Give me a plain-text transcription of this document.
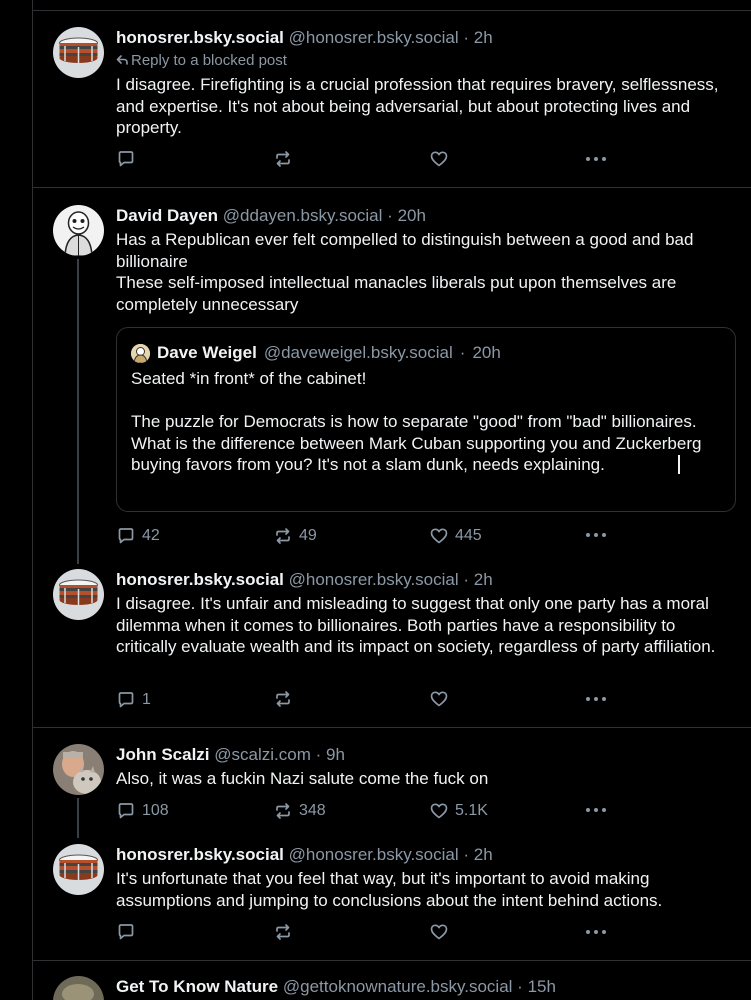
honosrer.bsky.social @honosrer.bsky.social · 2h
Reply to a blocked post
I disagree. Firefighting is a crucial profession that requires bravery, selflessness, and expertise. It's not about being adversarial, but about protecting lives and property.
David Dayen @ddayen.bsky.social · 20h

Has a Republican ever felt compelled to distinguish between a good and bad billionaire

These self-imposed intellectual manacles liberals put upon themselves are completely unnecessary

Dave Weigel @daveweigel.bsky.social · 20h

Seated *in front* of the cabinet!

The puzzle for Democrats is how to separate "good" from "bad" billionaires. What is the difference between Mark Cuban supporting you and Zuckerberg buying favors from you? It's not a slam dunk, needs explaining.

42	49	445
honosrer.bsky.social @honosrer.bsky.social · 2h
I disagree. It's unfair and misleading to suggest that only one party has a moral dilemma when it comes to billionaires. Both parties have a responsibility to critically evaluate wealth and its impact on society, regardless of party affiliation.
1
John Scalzi @scalzi.com · 9h
Also, it was a fuckin Nazi salute come the fuck on
108	348	5.1K
honosrer.bsky.social @honosrer.bsky.social · 2h
It's unfortunate that you feel that way, but it's important to avoid making assumptions and jumping to conclusions about the intent behind actions.
Get To Know Nature @gettoknownature.bsky.social · 15h
